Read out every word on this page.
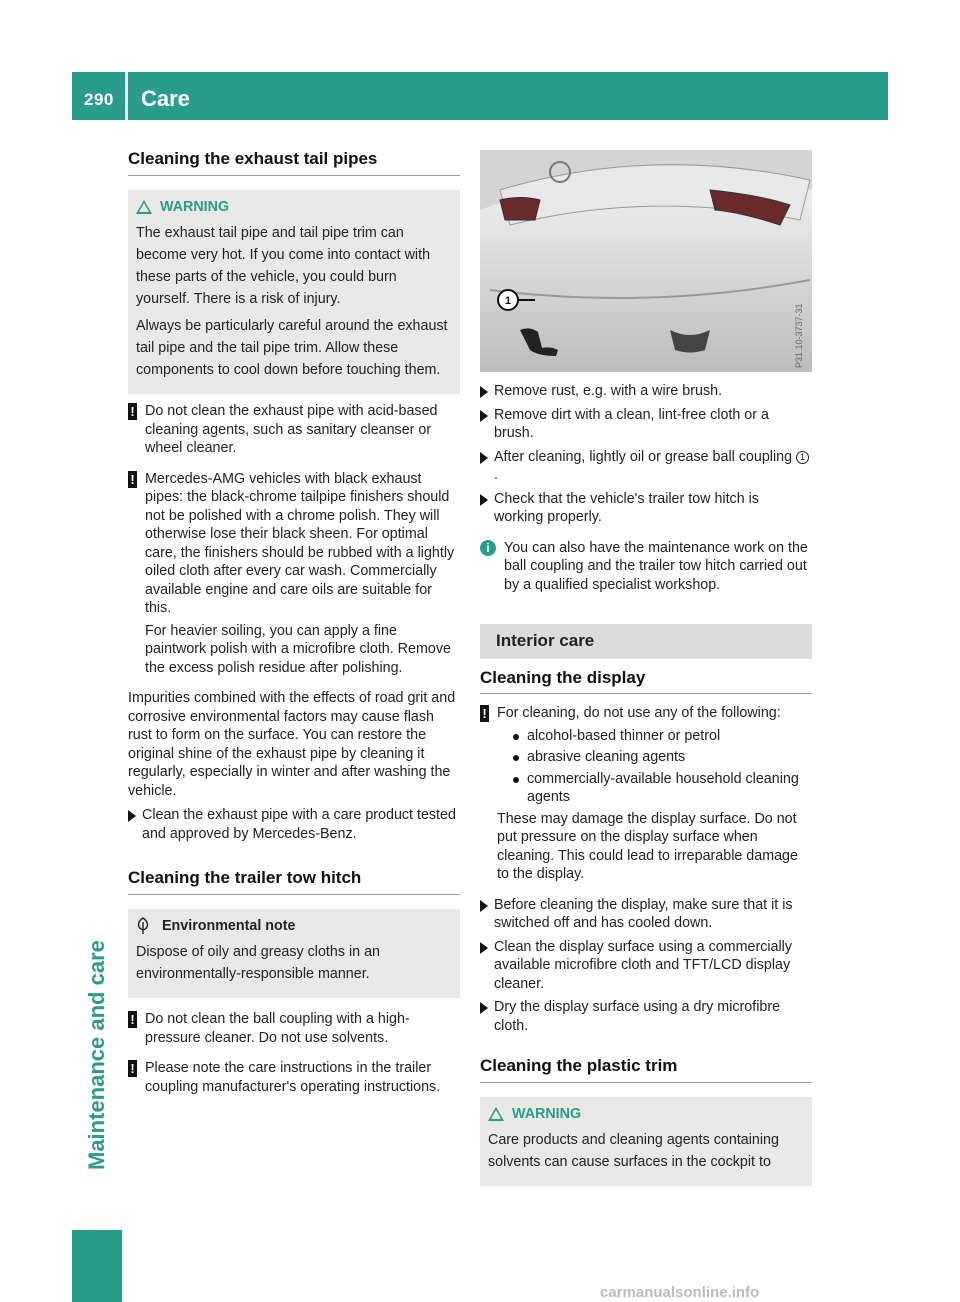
290 Care
Maintenance and care
Cleaning the exhaust tail pipes
WARNING

The exhaust tail pipe and tail pipe trim can become very hot. If you come into contact with these parts of the vehicle, you could burn yourself. There is a risk of injury.

Always be particularly careful around the exhaust tail pipe and the tail pipe trim. Allow these components to cool down before touching them.

! Do not clean the exhaust pipe with acid-based cleaning agents, such as sanitary cleanser or wheel cleaner.

! Mercedes-AMG vehicles with black exhaust pipes: the black-chrome tailpipe finishers should not be polished with a chrome polish. They will otherwise lose their black sheen. For optimal care, the finishers should be rubbed with a lightly oiled cloth after every car wash. Commercially available engine and care oils are suitable for this.

For heavier soiling, you can apply a fine paintwork polish with a microfibre cloth. Remove the excess polish residue after polishing.

Impurities combined with the effects of road grit and corrosive environmental factors may cause flash rust to form on the surface. You can restore the original shine of the exhaust pipe by cleaning it regularly, especially in winter and after washing the vehicle.
Clean the exhaust pipe with a care product tested and approved by Mercedes-Benz.
Cleaning the trailer tow hitch
Environmental note

Dispose of oily and greasy cloths in an environmentally-responsible manner.

! Do not clean the ball coupling with a high-pressure cleaner. Do not use solvents.

! Please note the care instructions in the trailer coupling manufacturer's operating instructions.

1
P31.10-3737-31
Remove rust, e.g. with a wire brush.
Remove dirt with a clean, lint-free cloth or a brush.
After cleaning, lightly oil or grease ball coupling 1.
Check that the vehicle's trailer tow hitch is working properly.
i	You can also have the maintenance work on the ball coupling and the trailer tow hitch carried out by a qualified specialist workshop.

Interior care
Cleaning the display
! For cleaning, do not use any of the following:

alcohol-based thinner or petrol
abrasive cleaning agents
commercially-available household cleaning agents

These may damage the display surface. Do not put pressure on the display surface when cleaning. This could lead to irreparable damage to the display.

Before cleaning the display, make sure that it is switched off and has cooled down.
Clean the display surface using a commercially available microfibre cloth and TFT/LCD display cleaner.
Dry the display surface using a dry microfibre cloth.
Cleaning the plastic trim
WARNING

Care products and cleaning agents containing solvents can cause surfaces in the cockpit to

carmanualsonline.info
